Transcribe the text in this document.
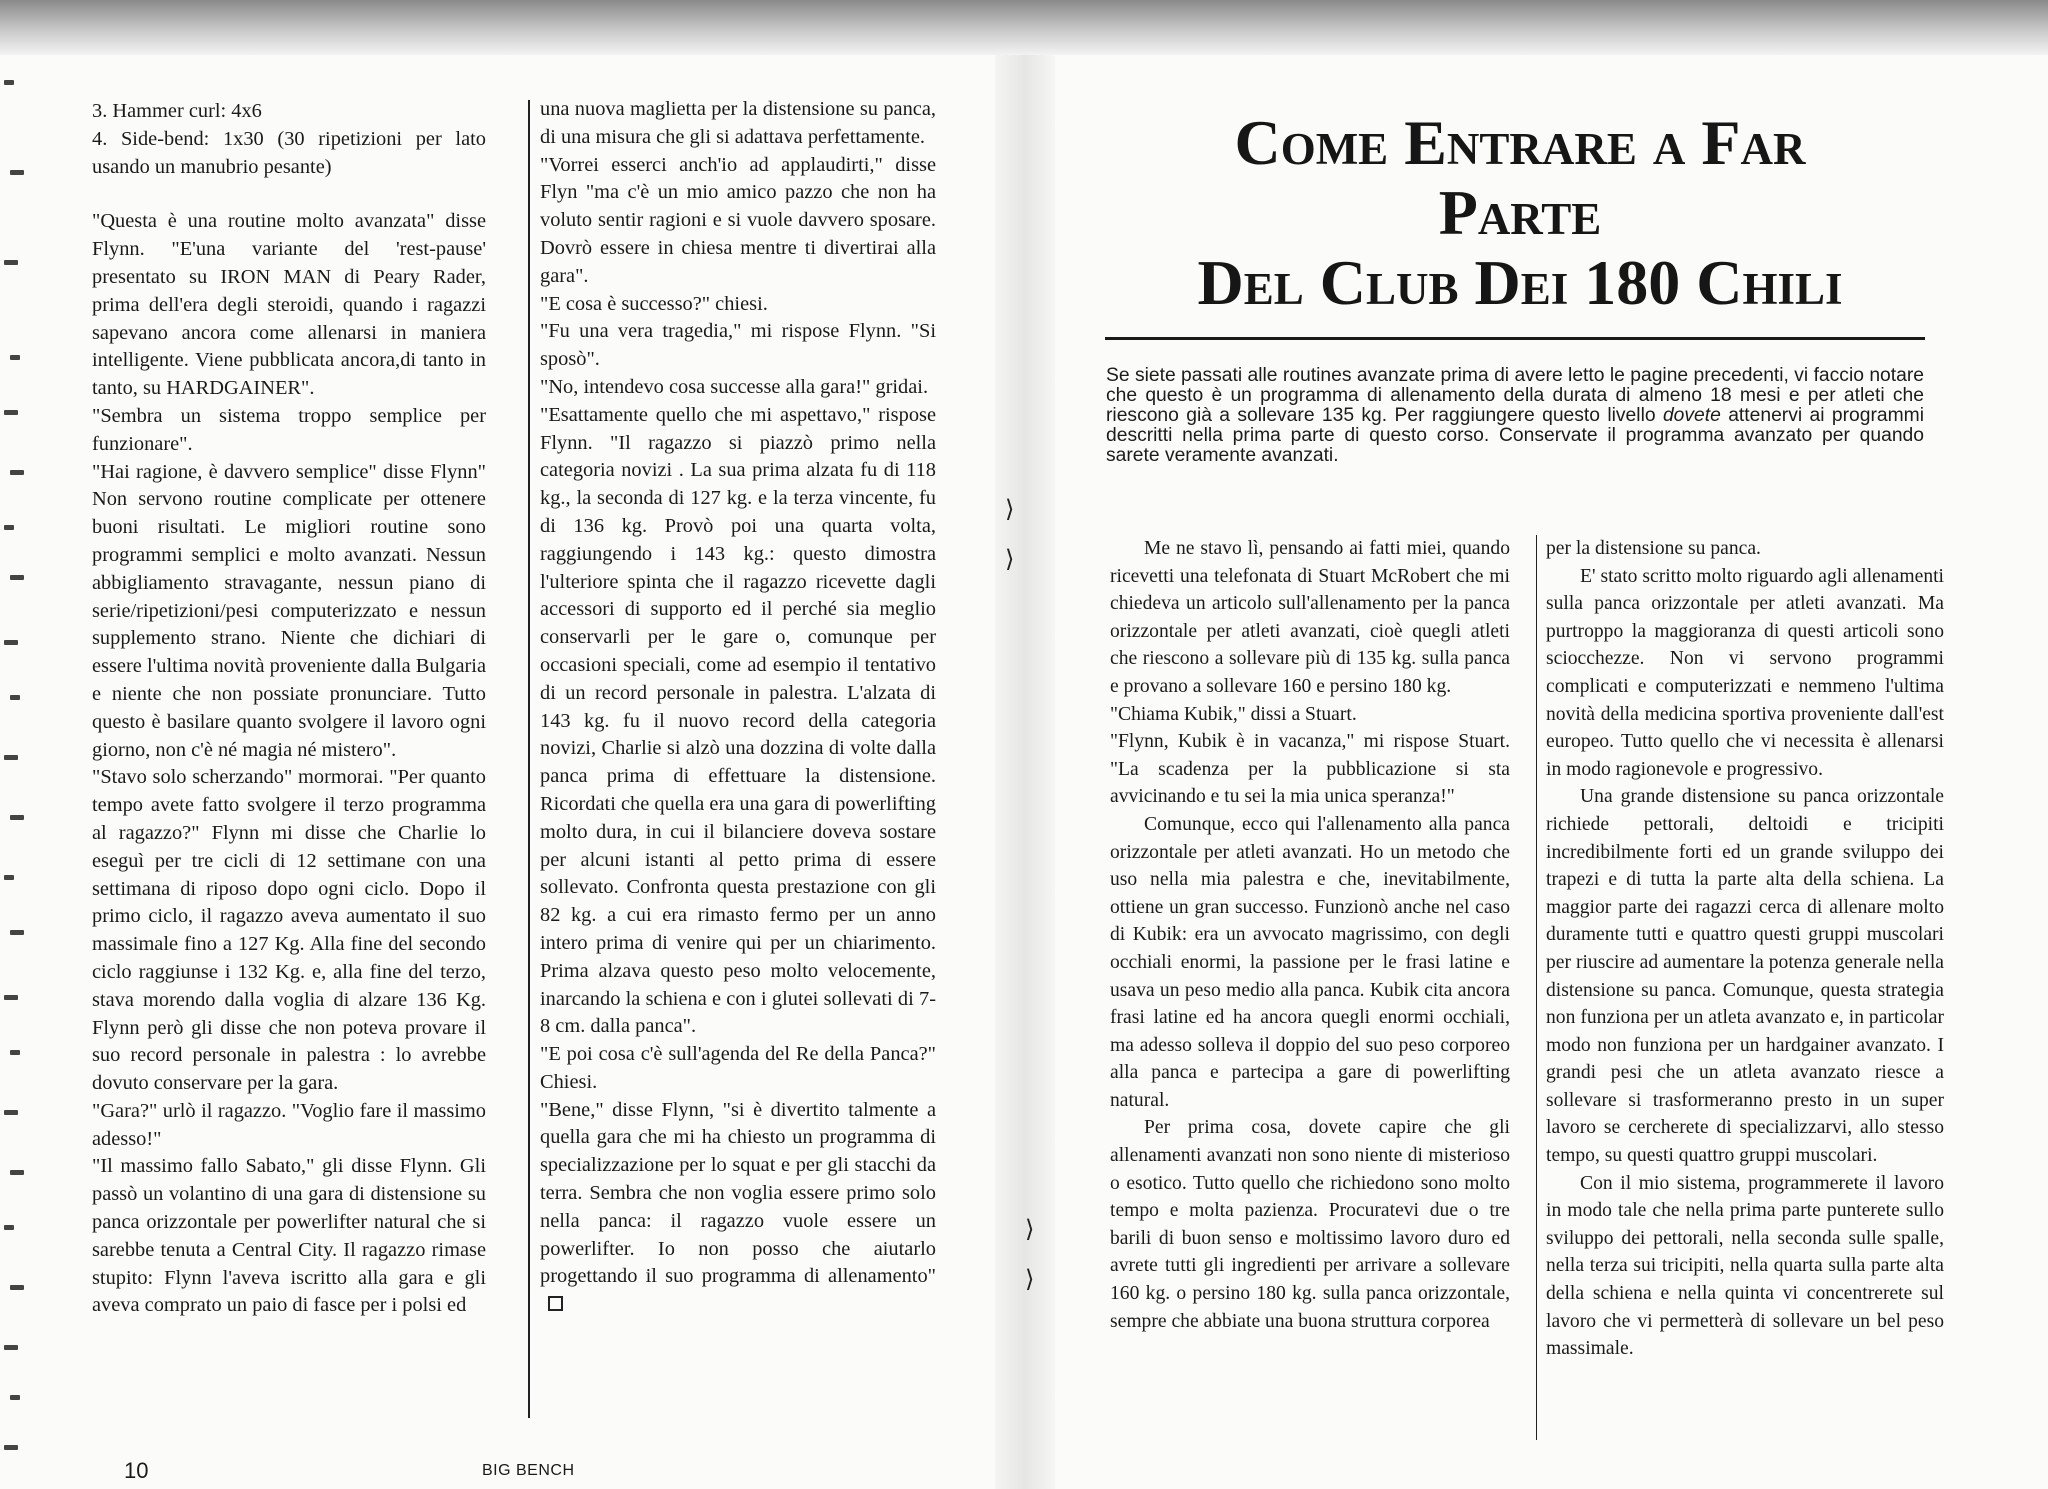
⟩
⟩
⟩
⟩

3. Hammer curl: 4x6

4. Side-bend: 1x30 (30 ripetizioni per lato usando un manubrio pesante)

"Questa è una routine molto avanzata" disse Flynn. "E'una variante del 'rest-pause' presentato su IRON MAN di Peary Rader, prima dell'era degli steroidi, quando i ragazzi sapevano ancora come allenarsi in maniera intelligente. Viene pubblicata ancora,di tanto in tanto, su HARDGAINER".

"Sembra un sistema troppo semplice per funzionare".

"Hai ragione, è davvero semplice" disse Flynn" Non servono routine complicate per ottenere buoni risultati. Le migliori routine sono programmi semplici e molto avanzati. Nessun abbigliamento stravagante, nessun piano di serie/ripetizioni/pesi computerizzato e nessun supplemento strano. Niente che dichiari di essere l'ultima novità proveniente dalla Bulgaria e niente che non possiate pronunciare. Tutto questo è basilare quanto svolgere il lavoro ogni giorno, non c'è né magia né mistero".

"Stavo solo scherzando" mormorai. "Per quanto tempo avete fatto svolgere il terzo programma al ragazzo?" Flynn mi disse che Charlie lo eseguì per tre cicli di 12 settimane con una settimana di riposo dopo ogni ciclo. Dopo il primo ciclo, il ragazzo aveva aumentato il suo massimale fino a 127 Kg. Alla fine del secondo ciclo raggiunse i 132 Kg. e, alla fine del terzo, stava morendo dalla voglia di alzare 136 Kg. Flynn però gli disse che non poteva provare il suo record personale in palestra : lo avrebbe dovuto conservare per la gara.

"Gara?" urlò il ragazzo. "Voglio fare il massimo adesso!"

"Il massimo fallo Sabato," gli disse Flynn. Gli passò un volantino di una gara di distensione su panca orizzontale per powerlifter natural che si sarebbe tenuta a Central City. Il ragazzo rimase stupito: Flynn l'aveva iscritto alla gara e gli aveva comprato un paio di fasce per i polsi ed

una nuova maglietta per la distensione su panca, di una misura che gli si adattava perfettamente.

"Vorrei esserci anch'io ad applaudirti," disse Flyn "ma c'è un mio amico pazzo che non ha voluto sentir ragioni e si vuole davvero sposare. Dovrò essere in chiesa mentre ti divertirai alla gara".

"E cosa è successo?" chiesi.

"Fu una vera tragedia," mi rispose Flynn. "Si sposò".

"No, intendevo cosa successe alla gara!" gridai.

"Esattamente quello che mi aspettavo," rispose Flynn. "Il ragazzo si piazzò primo nella categoria novizi . La sua prima alzata fu di 118 kg., la seconda di 127 kg. e la terza vincente, fu di 136 kg. Provò poi una quarta volta, raggiungendo i 143 kg.: questo dimostra l'ulteriore spinta che il ragazzo ricevette dagli accessori di supporto ed il perché sia meglio conservarli per le gare o, comunque per occasioni speciali, come ad esempio il tentativo di un record personale in palestra. L'alzata di 143 kg. fu il nuovo record della categoria novizi, Charlie si alzò una dozzina di volte dalla panca prima di effettuare la distensione. Ricordati che quella era una gara di powerlifting molto dura, in cui il bilanciere doveva sostare per alcuni istanti al petto prima di essere sollevato. Confronta questa prestazione con gli 82 kg. a cui era rimasto fermo per un anno intero prima di venire qui per un chiarimento. Prima alzava questo peso molto velocemente, inarcando la schiena e con i glutei sollevati di 7-8 cm. dalla panca".

"E poi cosa c'è sull'agenda del Re della Panca?" Chiesi.

"Bene," disse Flynn, "si è divertito talmente a quella gara che mi ha chiesto un programma di specializzazione per lo squat e per gli stacchi da terra. Sembra che non voglia essere primo solo nella panca: il ragazzo vuole essere un powerlifter. Io non posso che aiutarlo progettando il suo programma di allenamento"

10	BIG BENCH
Come Entrare a Far
Parte
Del Club Dei 180 Chili
Se siete passati alle routines avanzate prima di avere letto le pagine precedenti, vi faccio notare che questo è un programma di allenamento della durata di almeno 18 mesi e per atleti che riescono già a sollevare 135 kg. Per raggiungere questo livello dovete attenervi ai programmi descritti nella prima parte di questo corso. Conservate il programma avanzato per quando sarete veramente avanzati.

Me ne stavo lì, pensando ai fatti miei, quando ricevetti una telefonata di Stuart McRobert che mi chiedeva un articolo sull'allenamento per la panca orizzontale per atleti avanzati, cioè quegli atleti che riescono a sollevare più di 135 kg. sulla panca e provano a sollevare 160 e persino 180 kg.

"Chiama Kubik," dissi a Stuart.

"Flynn, Kubik è in vacanza," mi rispose Stuart. "La scadenza per la pubblicazione si sta avvicinando e tu sei la mia unica speranza!"

Comunque, ecco qui l'allenamento alla panca orizzontale per atleti avanzati. Ho un metodo che uso nella mia palestra e che, inevitabilmente, ottiene un gran successo. Funzionò anche nel caso di Kubik: era un avvocato magrissimo, con degli occhiali enormi, la passione per le frasi latine e usava un peso medio alla panca. Kubik cita ancora frasi latine ed ha ancora quegli enormi occhiali, ma adesso solleva il doppio del suo peso corporeo alla panca e partecipa a gare di powerlifting natural.

Per prima cosa, dovete capire che gli allenamenti avanzati non sono niente di misterioso o esotico. Tutto quello che richiedono sono molto tempo e molta pazienza. Procuratevi due o tre barili di buon senso e moltissimo lavoro duro ed avrete tutti gli ingredienti per arrivare a sollevare 160 kg. o persino 180 kg. sulla panca orizzontale, sempre che abbiate una buona struttura corporea

per la distensione su panca.

E' stato scritto molto riguardo agli allenamenti sulla panca orizzontale per atleti avanzati. Ma purtroppo la maggioranza di questi articoli sono sciocchezze. Non vi servono programmi complicati e computerizzati e nemmeno l'ultima novità della medicina sportiva proveniente dall'est europeo. Tutto quello che vi necessita è allenarsi in modo ragionevole e progressivo.

Una grande distensione su panca orizzontale richiede pettorali, deltoidi e tricipiti incredibilmente forti ed un grande sviluppo dei trapezi e di tutta la parte alta della schiena. La maggior parte dei ragazzi cerca di allenare molto duramente tutti e quattro questi gruppi muscolari per riuscire ad aumentare la potenza generale nella distensione su panca. Comunque, questa strategia non funziona per un atleta avanzato e, in particolar modo non funziona per un hardgainer avanzato. I grandi pesi che un atleta avanzato riesce a sollevare si trasformeranno presto in un super lavoro se cercherete di specializzarvi, allo stesso tempo, su questi quattro gruppi muscolari.

Con il mio sistema, programmerete il lavoro in modo tale che nella prima parte punterete sullo sviluppo dei pettorali, nella seconda sulle spalle, nella terza sui tricipiti, nella quarta sulla parte alta della schiena e nella quinta vi concentrerete sul lavoro che vi permetterà di sollevare un bel peso massimale.
